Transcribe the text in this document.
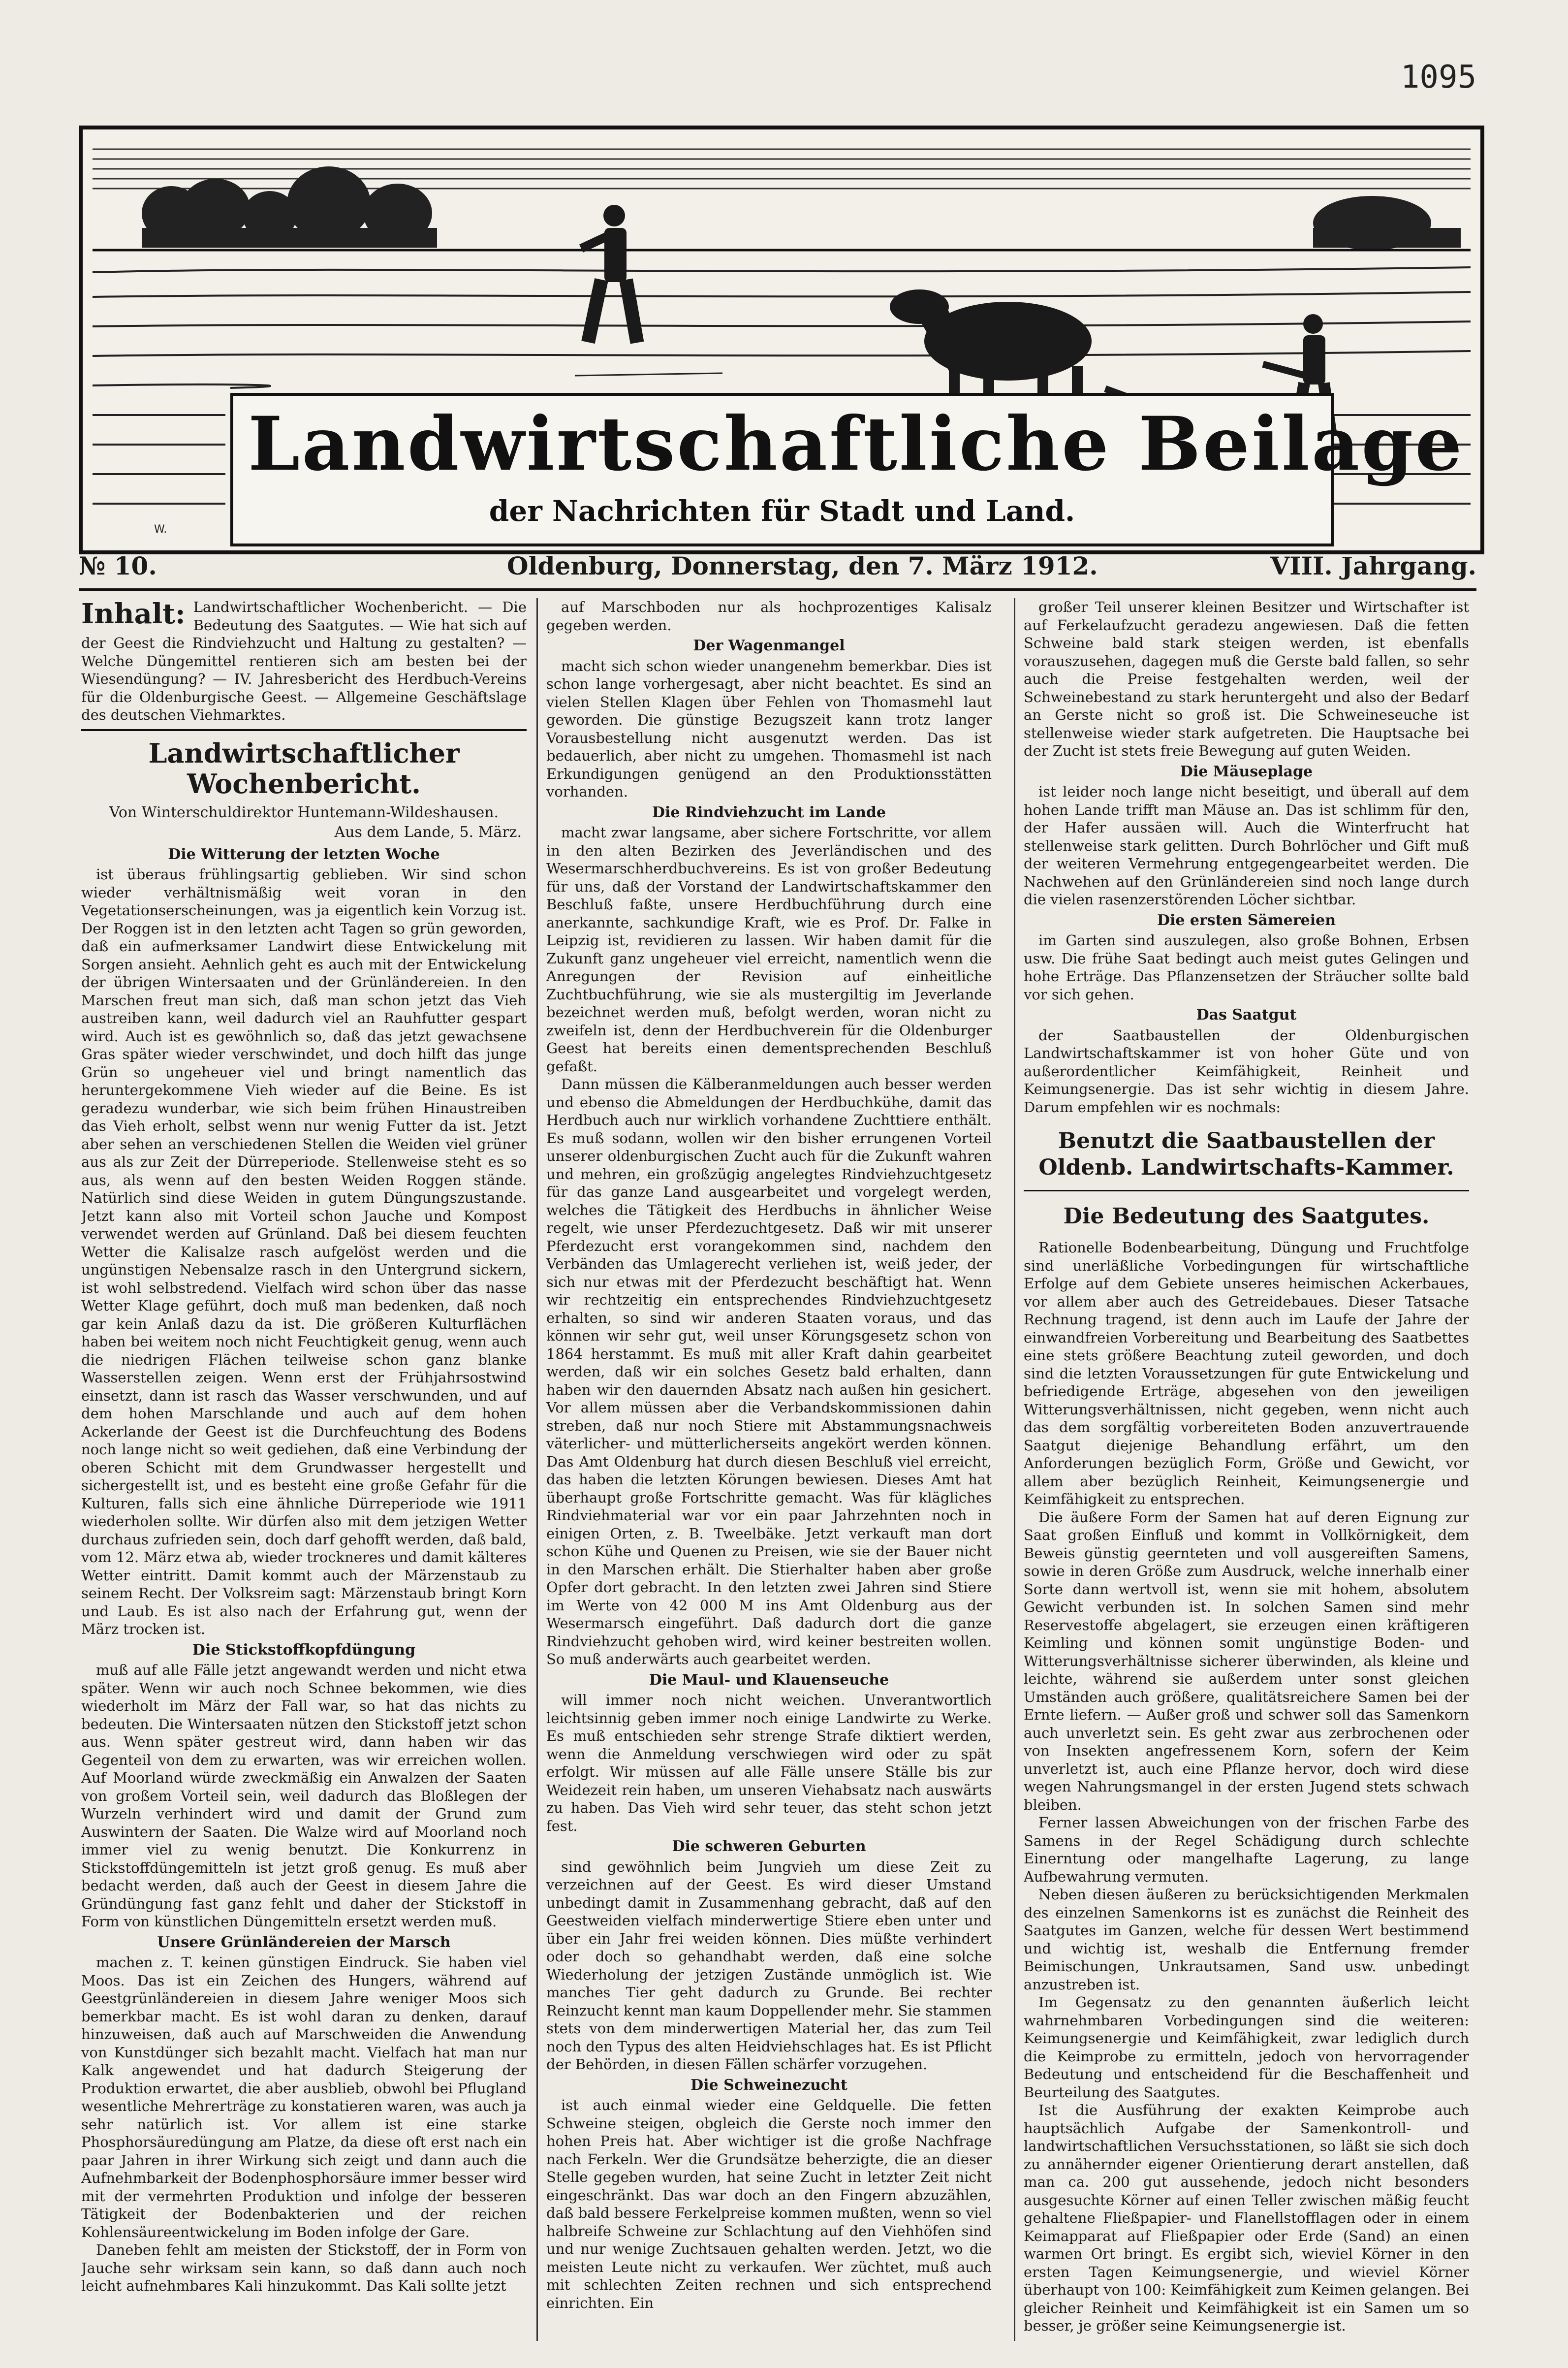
1095
W.
Landwirtschaftliche Beilage
der Nachrichten für Stadt und Land.
№ 10.	Oldenburg, Donnerstag, den 7. März 1912.	VIII. Jahrgang.
Inhalt: Landwirtschaftlicher Wochenbericht. — Die Bedeutung des Saatgutes. — Wie hat sich auf der Geest die Rindviehzucht und Haltung zu gestalten? — Welche Düngemittel rentieren sich am besten bei der Wiesendüngung? — IV. Jahresbericht des Herdbuch-Vereins für die Oldenburgische Geest. — Allgemeine Geschäftslage des deutschen Viehmarktes.
Landwirtschaftlicher Wochenbericht.
Von Winterschuldirektor Huntemann-Wildeshausen.
Aus dem Lande, 5. März.
Die Witterung der letzten Woche

ist überaus frühlingsartig geblieben. Wir sind schon wieder verhältnismäßig weit voran in den Vegetationserscheinungen, was ja eigentlich kein Vorzug ist. Der Roggen ist in den letzten acht Tagen so grün geworden, daß ein aufmerksamer Landwirt diese Entwickelung mit Sorgen ansieht. Aehnlich geht es auch mit der Entwickelung der übrigen Wintersaaten und der Grünländereien. In den Marschen freut man sich, daß man schon jetzt das Vieh austreiben kann, weil dadurch viel an Rauhfutter gespart wird. Auch ist es gewöhnlich so, daß das jetzt gewachsene Gras später wieder verschwindet, und doch hilft das junge Grün so ungeheuer viel und bringt namentlich das heruntergekommene Vieh wieder auf die Beine. Es ist geradezu wunderbar, wie sich beim frühen Hinaustreiben das Vieh erholt, selbst wenn nur wenig Futter da ist. Jetzt aber sehen an verschiedenen Stellen die Weiden viel grüner aus als zur Zeit der Dürreperiode. Stellenweise steht es so aus, als wenn auf den besten Weiden Roggen stände. Natürlich sind diese Weiden in gutem Düngungszustande. Jetzt kann also mit Vorteil schon Jauche und Kompost verwendet werden auf Grünland. Daß bei diesem feuchten Wetter die Kalisalze rasch aufgelöst werden und die ungünstigen Nebensalze rasch in den Untergrund sickern, ist wohl selbstredend. Vielfach wird schon über das nasse Wetter Klage geführt, doch muß man bedenken, daß noch gar kein Anlaß dazu da ist. Die größeren Kulturflächen haben bei weitem noch nicht Feuchtigkeit genug, wenn auch die niedrigen Flächen teilweise schon ganz blanke Wasserstellen zeigen. Wenn erst der Frühjahrsostwind einsetzt, dann ist rasch das Wasser verschwunden, und auf dem hohen Marschlande und auch auf dem hohen Ackerlande der Geest ist die Durchfeuchtung des Bodens noch lange nicht so weit gediehen, daß eine Verbindung der oberen Schicht mit dem Grundwasser hergestellt und sichergestellt ist, und es besteht eine große Gefahr für die Kulturen, falls sich eine ähnliche Dürreperiode wie 1911 wiederholen sollte. Wir dürfen also mit dem jetzigen Wetter durchaus zufrieden sein, doch darf gehofft werden, daß bald, vom 12. März etwa ab, wieder trockneres und damit kälteres Wetter eintritt. Damit kommt auch der Märzenstaub zu seinem Recht. Der Volksreim sagt: Märzenstaub bringt Korn und Laub. Es ist also nach der Erfahrung gut, wenn der März trocken ist.

Die Stickstoffkopfdüngung

muß auf alle Fälle jetzt angewandt werden und nicht etwa später. Wenn wir auch noch Schnee bekommen, wie dies wiederholt im März der Fall war, so hat das nichts zu bedeuten. Die Wintersaaten nützen den Stickstoff jetzt schon aus. Wenn später gestreut wird, dann haben wir das Gegenteil von dem zu erwarten, was wir erreichen wollen. Auf Moorland würde zweckmäßig ein Anwalzen der Saaten von großem Vorteil sein, weil dadurch das Bloßlegen der Wurzeln verhindert wird und damit der Grund zum Auswintern der Saaten. Die Walze wird auf Moorland noch immer viel zu wenig benutzt. Die Konkurrenz in Stickstoffdüngemitteln ist jetzt groß genug. Es muß aber bedacht werden, daß auch der Geest in diesem Jahre die Gründüngung fast ganz fehlt und daher der Stickstoff in Form von künstlichen Düngemitteln ersetzt werden muß.

Unsere Grünländereien der Marsch

machen z. T. keinen günstigen Eindruck. Sie haben viel Moos. Das ist ein Zeichen des Hungers, während auf Geestgrünländereien in diesem Jahre weniger Moos sich bemerkbar macht. Es ist wohl daran zu denken, darauf hinzuweisen, daß auch auf Marschweiden die Anwendung von Kunstdünger sich bezahlt macht. Vielfach hat man nur Kalk angewendet und hat dadurch Steigerung der Produktion erwartet, die aber ausblieb, obwohl bei Pflugland wesentliche Mehrerträge zu konstatieren waren, was auch ja sehr natürlich ist. Vor allem ist eine starke Phosphorsäuredüngung am Platze, da diese oft erst nach ein paar Jahren in ihrer Wirkung sich zeigt und dann auch die Aufnehmbarkeit der Bodenphosphorsäure immer besser wird mit der vermehrten Produktion und infolge der besseren Tätigkeit der Bodenbakterien und der reichen Kohlensäureentwickelung im Boden infolge der Gare.

Daneben fehlt am meisten der Stickstoff, der in Form von Jauche sehr wirksam sein kann, so daß dann auch noch leicht aufnehmbares Kali hinzukommt. Das Kali sollte jetzt

auf Marschboden nur als hochprozentiges Kalisalz gegeben werden.

Der Wagenmangel

macht sich schon wieder unangenehm bemerkbar. Dies ist schon lange vorhergesagt, aber nicht beachtet. Es sind an vielen Stellen Klagen über Fehlen von Thomasmehl laut geworden. Die günstige Bezugszeit kann trotz langer Vorausbestellung nicht ausgenutzt werden. Das ist bedauerlich, aber nicht zu umgehen. Thomasmehl ist nach Erkundigungen genügend an den Produktionsstätten vorhanden.

Die Rindviehzucht im Lande

macht zwar langsame, aber sichere Fortschritte, vor allem in den alten Bezirken des Jeverländischen und des Wesermarschherdbuchvereins. Es ist von großer Bedeutung für uns, daß der Vorstand der Landwirtschaftskammer den Beschluß faßte, unsere Herdbuchführung durch eine anerkannte, sachkundige Kraft, wie es Prof. Dr. Falke in Leipzig ist, revidieren zu lassen. Wir haben damit für die Zukunft ganz ungeheuer viel erreicht, namentlich wenn die Anregungen der Revision auf einheitliche Zuchtbuchführung, wie sie als mustergiltig im Jeverlande bezeichnet werden muß, befolgt werden, woran nicht zu zweifeln ist, denn der Herdbuchverein für die Oldenburger Geest hat bereits einen dementsprechenden Beschluß gefaßt.

Dann müssen die Kälberanmeldungen auch besser werden und ebenso die Abmeldungen der Herdbuchkühe, damit das Herdbuch auch nur wirklich vorhandene Zuchttiere enthält. Es muß sodann, wollen wir den bisher errungenen Vorteil unserer oldenburgischen Zucht auch für die Zukunft wahren und mehren, ein großzügig angelegtes Rindviehzuchtgesetz für das ganze Land ausgearbeitet und vorgelegt werden, welches die Tätigkeit des Herdbuchs in ähnlicher Weise regelt, wie unser Pferdezuchtgesetz. Daß wir mit unserer Pferdezucht erst vorangekommen sind, nachdem den Verbänden das Umlagerecht verliehen ist, weiß jeder, der sich nur etwas mit der Pferdezucht beschäftigt hat. Wenn wir rechtzeitig ein entsprechendes Rindviehzuchtgesetz erhalten, so sind wir anderen Staaten voraus, und das können wir sehr gut, weil unser Körungsgesetz schon von 1864 herstammt. Es muß mit aller Kraft dahin gearbeitet werden, daß wir ein solches Gesetz bald erhalten, dann haben wir den dauernden Absatz nach außen hin gesichert. Vor allem müssen aber die Verbandskommissionen dahin streben, daß nur noch Stiere mit Abstammungsnachweis väterlicher- und mütterlicherseits angekört werden können. Das Amt Oldenburg hat durch diesen Beschluß viel erreicht, das haben die letzten Körungen bewiesen. Dieses Amt hat überhaupt große Fortschritte gemacht. Was für klägliches Rindviehmaterial war vor ein paar Jahrzehnten noch in einigen Orten, z. B. Tweelbäke. Jetzt verkauft man dort schon Kühe und Quenen zu Preisen, wie sie der Bauer nicht in den Marschen erhält. Die Stierhalter haben aber große Opfer dort gebracht. In den letzten zwei Jahren sind Stiere im Werte von 42 000 M ins Amt Oldenburg aus der Wesermarsch eingeführt. Daß dadurch dort die ganze Rindviehzucht gehoben wird, wird keiner bestreiten wollen. So muß anderwärts auch gearbeitet werden.

Die Maul- und Klauenseuche

will immer noch nicht weichen. Unverantwortlich leichtsinnig geben immer noch einige Landwirte zu Werke. Es muß entschieden sehr strenge Strafe diktiert werden, wenn die Anmeldung verschwiegen wird oder zu spät erfolgt. Wir müssen auf alle Fälle unsere Ställe bis zur Weidezeit rein haben, um unseren Viehabsatz nach auswärts zu haben. Das Vieh wird sehr teuer, das steht schon jetzt fest.

Die schweren Geburten

sind gewöhnlich beim Jungvieh um diese Zeit zu verzeichnen auf der Geest. Es wird dieser Umstand unbedingt damit in Zusammenhang gebracht, daß auf den Geestweiden vielfach minderwertige Stiere eben unter und über ein Jahr frei weiden können. Dies müßte verhindert oder doch so gehandhabt werden, daß eine solche Wiederholung der jetzigen Zustände unmöglich ist. Wie manches Tier geht dadurch zu Grunde. Bei rechter Reinzucht kennt man kaum Doppellender mehr. Sie stammen stets von dem minderwertigen Material her, das zum Teil noch den Typus des alten Heidviehschlages hat. Es ist Pflicht der Behörden, in diesen Fällen schärfer vorzugehen.

Die Schweinezucht

ist auch einmal wieder eine Geldquelle. Die fetten Schweine steigen, obgleich die Gerste noch immer den hohen Preis hat. Aber wichtiger ist die große Nachfrage nach Ferkeln. Wer die Grundsätze beherzigte, die an dieser Stelle gegeben wurden, hat seine Zucht in letzter Zeit nicht eingeschränkt. Das war doch an den Fingern abzuzählen, daß bald bessere Ferkelpreise kommen mußten, wenn so viel halbreife Schweine zur Schlachtung auf den Viehhöfen sind und nur wenige Zuchtsauen gehalten werden. Jetzt, wo die meisten Leute nicht zu verkaufen. Wer züchtet, muß auch mit schlechten Zeiten rechnen und sich entsprechend einrichten. Ein

großer Teil unserer kleinen Besitzer und Wirtschafter ist auf Ferkelaufzucht geradezu angewiesen. Daß die fetten Schweine bald stark steigen werden, ist ebenfalls vorauszusehen, dagegen muß die Gerste bald fallen, so sehr auch die Preise festgehalten werden, weil der Schweinebestand zu stark heruntergeht und also der Bedarf an Gerste nicht so groß ist. Die Schweineseuche ist stellenweise wieder stark aufgetreten. Die Hauptsache bei der Zucht ist stets freie Bewegung auf guten Weiden.

Die Mäuseplage

ist leider noch lange nicht beseitigt, und überall auf dem hohen Lande trifft man Mäuse an. Das ist schlimm für den, der Hafer aussäen will. Auch die Winterfrucht hat stellenweise stark gelitten. Durch Bohrlöcher und Gift muß der weiteren Vermehrung entgegengearbeitet werden. Die Nachwehen auf den Grünländereien sind noch lange durch die vielen rasenzerstörenden Löcher sichtbar.

Die ersten Sämereien

im Garten sind auszulegen, also große Bohnen, Erbsen usw. Die frühe Saat bedingt auch meist gutes Gelingen und hohe Erträge. Das Pflanzensetzen der Sträucher sollte bald vor sich gehen.

Das Saatgut

der Saatbaustellen der Oldenburgischen Landwirtschaftskammer ist von hoher Güte und von außerordentlicher Keimfähigkeit, Reinheit und Keimungsenergie. Das ist sehr wichtig in diesem Jahre. Darum empfehlen wir es nochmals:

Benutzt die Saatbaustellen der Oldenb. Landwirtschafts-Kammer.
Die Bedeutung des Saatgutes.

Rationelle Bodenbearbeitung, Düngung und Fruchtfolge sind unerläßliche Vorbedingungen für wirtschaftliche Erfolge auf dem Gebiete unseres heimischen Ackerbaues, vor allem aber auch des Getreidebaues. Dieser Tatsache Rechnung tragend, ist denn auch im Laufe der Jahre der einwandfreien Vorbereitung und Bearbeitung des Saatbettes eine stets größere Beachtung zuteil geworden, und doch sind die letzten Voraussetzungen für gute Entwickelung und befriedigende Erträge, abgesehen von den jeweiligen Witterungsverhältnissen, nicht gegeben, wenn nicht auch das dem sorgfältig vorbereiteten Boden anzuvertrauende Saatgut diejenige Behandlung erfährt, um den Anforderungen bezüglich Form, Größe und Gewicht, vor allem aber bezüglich Reinheit, Keimungsenergie und Keimfähigkeit zu entsprechen.

Die äußere Form der Samen hat auf deren Eignung zur Saat großen Einfluß und kommt in Vollkörnigkeit, dem Beweis günstig geernteten und voll ausgereiften Samens, sowie in deren Größe zum Ausdruck, welche innerhalb einer Sorte dann wertvoll ist, wenn sie mit hohem, absolutem Gewicht verbunden ist. In solchen Samen sind mehr Reservestoffe abgelagert, sie erzeugen einen kräftigeren Keimling und können somit ungünstige Boden- und Witterungsverhältnisse sicherer überwinden, als kleine und leichte, während sie außerdem unter sonst gleichen Umständen auch größere, qualitätsreichere Samen bei der Ernte liefern. — Außer groß und schwer soll das Samenkorn auch unverletzt sein. Es geht zwar aus zerbrochenen oder von Insekten angefressenem Korn, sofern der Keim unverletzt ist, auch eine Pflanze hervor, doch wird diese wegen Nahrungsmangel in der ersten Jugend stets schwach bleiben.

Ferner lassen Abweichungen von der frischen Farbe des Samens in der Regel Schädigung durch schlechte Einerntung oder mangelhafte Lagerung, zu lange Aufbewahrung vermuten.

Neben diesen äußeren zu berücksichtigenden Merkmalen des einzelnen Samenkorns ist es zunächst die Reinheit des Saatgutes im Ganzen, welche für dessen Wert bestimmend und wichtig ist, weshalb die Entfernung fremder Beimischungen, Unkrautsamen, Sand usw. unbedingt anzustreben ist.

Im Gegensatz zu den genannten äußerlich leicht wahrnehmbaren Vorbedingungen sind die weiteren: Keimungsenergie und Keimfähigkeit, zwar lediglich durch die Keimprobe zu ermitteln, jedoch von hervorragender Bedeutung und entscheidend für die Beschaffenheit und Beurteilung des Saatgutes.

Ist die Ausführung der exakten Keimprobe auch hauptsächlich Aufgabe der Samenkontroll- und landwirtschaftlichen Versuchsstationen, so läßt sie sich doch zu annähernder eigener Orientierung derart anstellen, daß man ca. 200 gut aussehende, jedoch nicht besonders ausgesuchte Körner auf einen Teller zwischen mäßig feucht gehaltene Fließpapier- und Flanellstofflagen oder in einem Keimapparat auf Fließpapier oder Erde (Sand) an einen warmen Ort bringt. Es ergibt sich, wieviel Körner in den ersten Tagen Keimungsenergie, und wieviel Körner überhaupt von 100: Keimfähigkeit zum Keimen gelangen. Bei gleicher Reinheit und Keimfähigkeit ist ein Samen um so besser, je größer seine Keimungsenergie ist.
